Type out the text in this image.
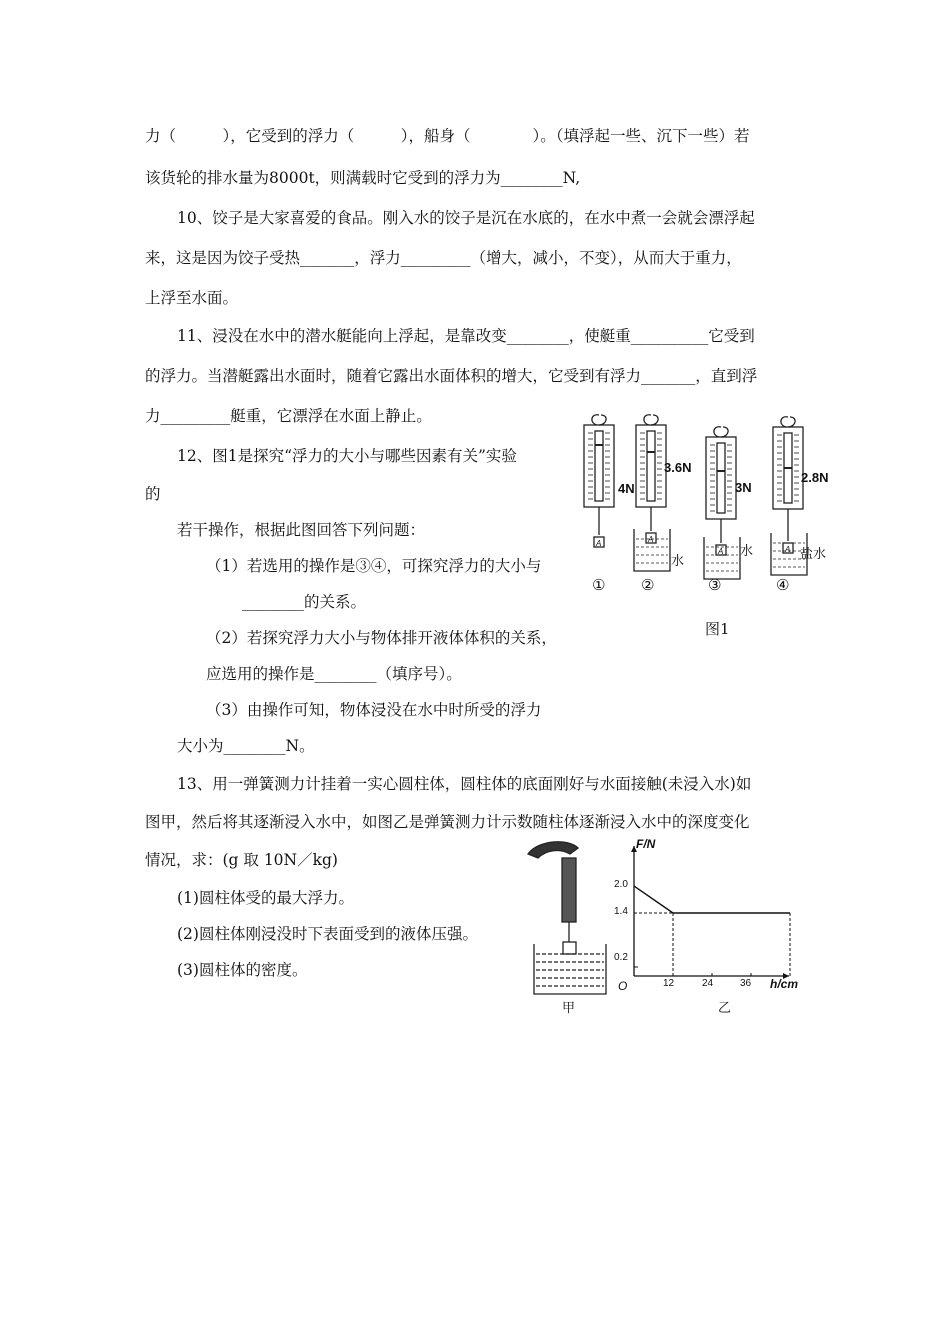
力（　　　），它受到的浮力（　　　），船身（　　　　）。（填浮起一些、沉下一些）若
该货轮的排水量为8000t，则满载时它受到的浮力为________N,
10、饺子是大家喜爱的食品。刚入水的饺子是沉在水底的，在水中煮一会就会漂浮起
来，这是因为饺子受热_______，浮力_________（增大，减小，不变），从而大于重力，
上浮至水面。
11、浸没在水中的潜水艇能向上浮起，是靠改变________，使艇重__________它受到
的浮力。当潜艇露出水面时，随着它露出水面体积的增大，它受到有浮力_______，直到浮
力_________艇重，它漂浮在水面上静止。
12、图1是探究“浮力的大小与哪些因素有关”实验
的
若干操作，根据此图回答下列问题：
（1）若选用的操作是③④，可探究浮力的大小与
________的关系。
（2）若探究浮力大小与物体排开液体体积的关系，
应选用的操作是________（填序号）。
（3）由操作可知，物体浸没在水中时所受的浮力
大小为________N。
13、用一弹簧测力计挂着一实心圆柱体，圆柱体的底面刚好与水面接触(未浸入水)如
图甲，然后将其逐渐浸入水中，如图乙是弹簧测力计示数随柱体逐渐浸入水中的深度变化
情况，求：(g 取 10N／kg)
(1)圆柱体受的最大浮力。
(2)圆柱体刚浸没时下表面受到的液体压强。
(3)圆柱体的密度。
A	A
A	A
4N
3.6N
3N
2.8N
水
水	盐水
① ②	③	④
图1
甲
F/N
h/cm
O	12	24	36
2.0
1.4
0.2
乙
